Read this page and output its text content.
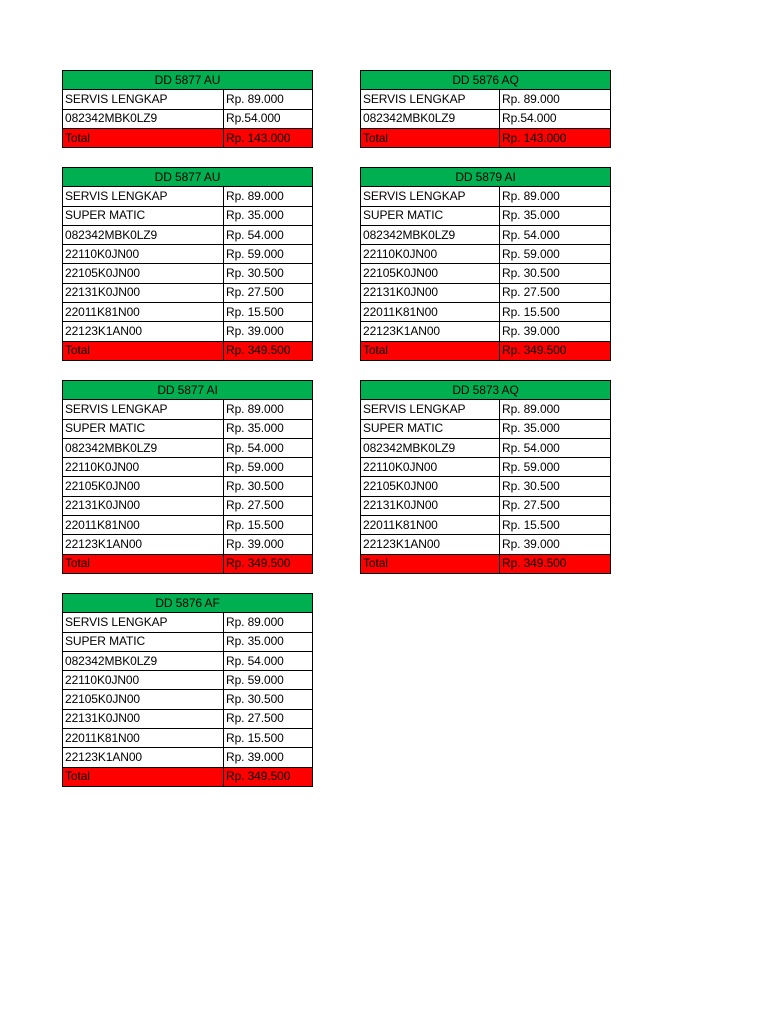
DD 5877 AU	
SERVIS LENGKAP	Rp. 89.000
082342MBK0LZ9	Rp.54.000
Total	Rp. 143.000
DD 5876 AQ	
SERVIS LENGKAP	Rp. 89.000
082342MBK0LZ9	Rp.54.000
Total	Rp. 143.000
DD 5877 AU	
SERVIS LENGKAP	Rp. 89.000
SUPER MATIC	Rp. 35.000
082342MBK0LZ9	Rp. 54.000
22110K0JN00	Rp. 59.000
22105K0JN00	Rp. 30.500
22131K0JN00	Rp. 27.500
22011K81N00	Rp. 15.500
22123K1AN00	Rp. 39.000
Total	Rp. 349.500
DD 5879 AI	
SERVIS LENGKAP	Rp. 89.000
SUPER MATIC	Rp. 35.000
082342MBK0LZ9	Rp. 54.000
22110K0JN00	Rp. 59.000
22105K0JN00	Rp. 30.500
22131K0JN00	Rp. 27.500
22011K81N00	Rp. 15.500
22123K1AN00	Rp. 39.000
Total	Rp. 349.500
DD 5877 AI	
SERVIS LENGKAP	Rp. 89.000
SUPER MATIC	Rp. 35.000
082342MBK0LZ9	Rp. 54.000
22110K0JN00	Rp. 59.000
22105K0JN00	Rp. 30.500
22131K0JN00	Rp. 27.500
22011K81N00	Rp. 15.500
22123K1AN00	Rp. 39.000
Total	Rp. 349.500
DD 5873 AQ	
SERVIS LENGKAP	Rp. 89.000
SUPER MATIC	Rp. 35.000
082342MBK0LZ9	Rp. 54.000
22110K0JN00	Rp. 59.000
22105K0JN00	Rp. 30.500
22131K0JN00	Rp. 27.500
22011K81N00	Rp. 15.500
22123K1AN00	Rp. 39.000
Total	Rp. 349.500
DD 5876 AF	
SERVIS LENGKAP	Rp. 89.000
SUPER MATIC	Rp. 35.000
082342MBK0LZ9	Rp. 54.000
22110K0JN00	Rp. 59.000
22105K0JN00	Rp. 30.500
22131K0JN00	Rp. 27.500
22011K81N00	Rp. 15.500
22123K1AN00	Rp. 39.000
Total	Rp. 349.500
